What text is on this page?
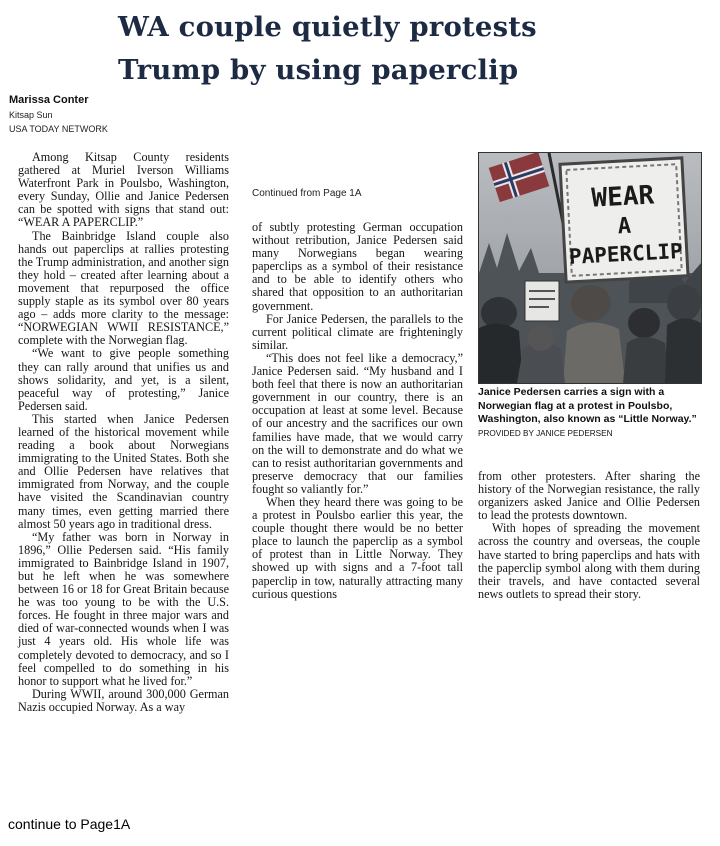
WA couple quietly protests
Trump by using paperclip
Marissa Conter
Kitsap Sun
USA TODAY NETWORK

Among Kitsap County residents gathered at Muriel Iverson Williams Waterfront Park in Poulsbo, Washington, every Sunday, Ollie and Janice Pedersen can be spotted with signs that stand out: “WEAR A PAPERCLIP.”

The Bainbridge Island couple also hands out paperclips at rallies protesting the Trump administration, and another sign they hold – created after learning about a movement that repurposed the office supply staple as its symbol over 80 years ago – adds more clarity to the message: “NORWEGIAN WWII RESISTANCE,” complete with the Norwegian flag.

“We want to give people something they can rally around that unifies us and shows solidarity, and yet, is a silent, peaceful way of protesting,” Janice Pedersen said.

This started when Janice Pedersen learned of the historical movement while reading a book about Norwegians immigrating to the United States. Both she and Ollie Pedersen have relatives that immigrated from Norway, and the couple have visited the Scandinavian country many times, even getting married there almost 50 years ago in traditional dress.

“My father was born in Norway in 1896,” Ollie Pedersen said. “His family immigrated to Bainbridge Island in 1907, but he left when he was somewhere between 16 or 18 for Great Britain because he was too young to be with the U.S. forces. He fought in three major wars and died of war-connected wounds when I was just 4 years old. His whole life was completely devoted to democracy, and so I feel compelled to do something in his honor to support what he lived for.”

During WWII, around 300,000 German Nazis occupied Norway. As a way

Continued from Page 1A

of subtly protesting German occupation without retribution, Janice Pedersen said many Norwegians began wearing paperclips as a symbol of their resistance and to be able to identify others who shared that opposition to an authoritarian government.

For Janice Pedersen, the parallels to the current political climate are frighteningly similar.

“This does not feel like a democracy,” Janice Pedersen said. “My husband and I both feel that there is now an authoritarian government in our country, there is an occupation at least at some level. Because of our ancestry and the sacrifices our own families have made, that we would carry on the will to demonstrate and do what we can to resist authoritarian governments and preserve democracy that our families fought so valiantly for.”

When they heard there was going to be a protest in Poulsbo earlier this year, the couple thought there would be no better place to launch the paperclip as a symbol of protest than in Little Norway. They showed up with signs and a 7-foot tall paperclip in tow, naturally attracting many curious questions

WEAR
A
PAPERCLIP
Janice Pedersen carries a sign with a Norwegian flag at a protest in Poulsbo, Washington, also known as “Little Norway.” PROVIDED BY JANICE PEDERSEN

from other protesters. After sharing the history of the Norwegian resistance, the rally organizers asked Janice and Ollie Pedersen to lead the protests downtown.

With hopes of spreading the movement across the country and overseas, the couple have started to bring paperclips and hats with the paperclip symbol along with them during their travels, and have contacted several news outlets to spread their story.

continue to Page1A
